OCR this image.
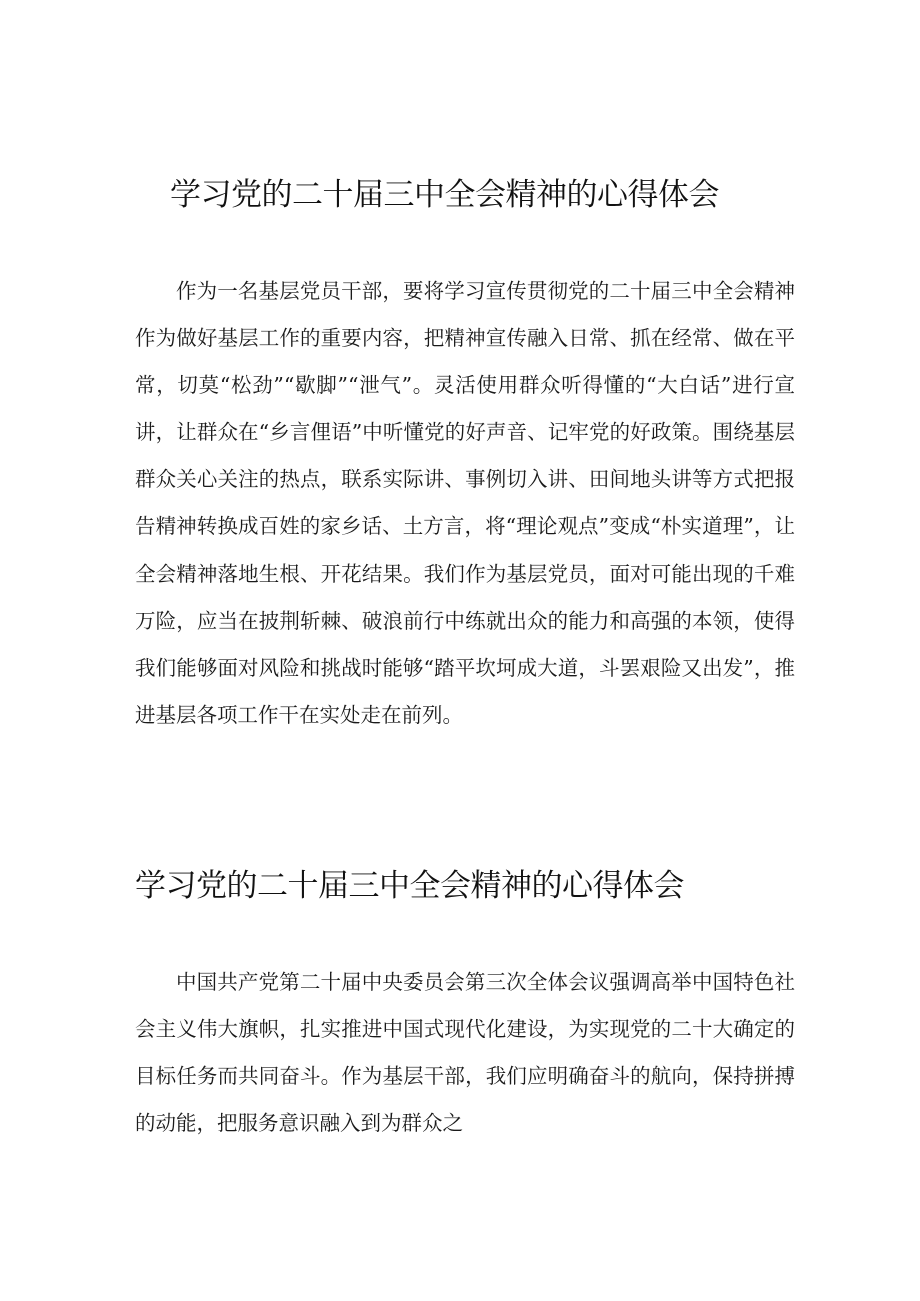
学习党的二十届三中全会精神的心得体会
作为一名基层党员干部，要将学习宣传贯彻党的二十届三中全会精神作为做好基层工作的重要内容，把精神宣传融入日常、抓在经常、做在平常，切莫“松劲”“歇脚”“泄气”。灵活使用群众听得懂的“大白话”进行宣讲，让群众在“乡言俚语”中听懂党的好声音、记牢党的好政策。围绕基层群众关心关注的热点，联系实际讲、事例切入讲、田间地头讲等方式把报告精神转换成百姓的家乡话、土方言，将“理论观点”变成“朴实道理”，让全会精神落地生根、开花结果。我们作为基层党员，面对可能出现的千难万险，应当在披荆斩棘、破浪前行中练就出众的能力和高强的本领，使得我们能够面对风险和挑战时能够“踏平坎坷成大道，斗罢艰险又出发”，推进基层各项工作干在实处走在前列。
学习党的二十届三中全会精神的心得体会
中国共产党第二十届中央委员会第三次全体会议强调高举中国特色社会主义伟大旗帜，扎实推进中国式现代化建设，为实现党的二十大确定的目标任务而共同奋斗。作为基层干部，我们应明确奋斗的航向，保持拼搏的动能，把服务意识融入到为群众之
